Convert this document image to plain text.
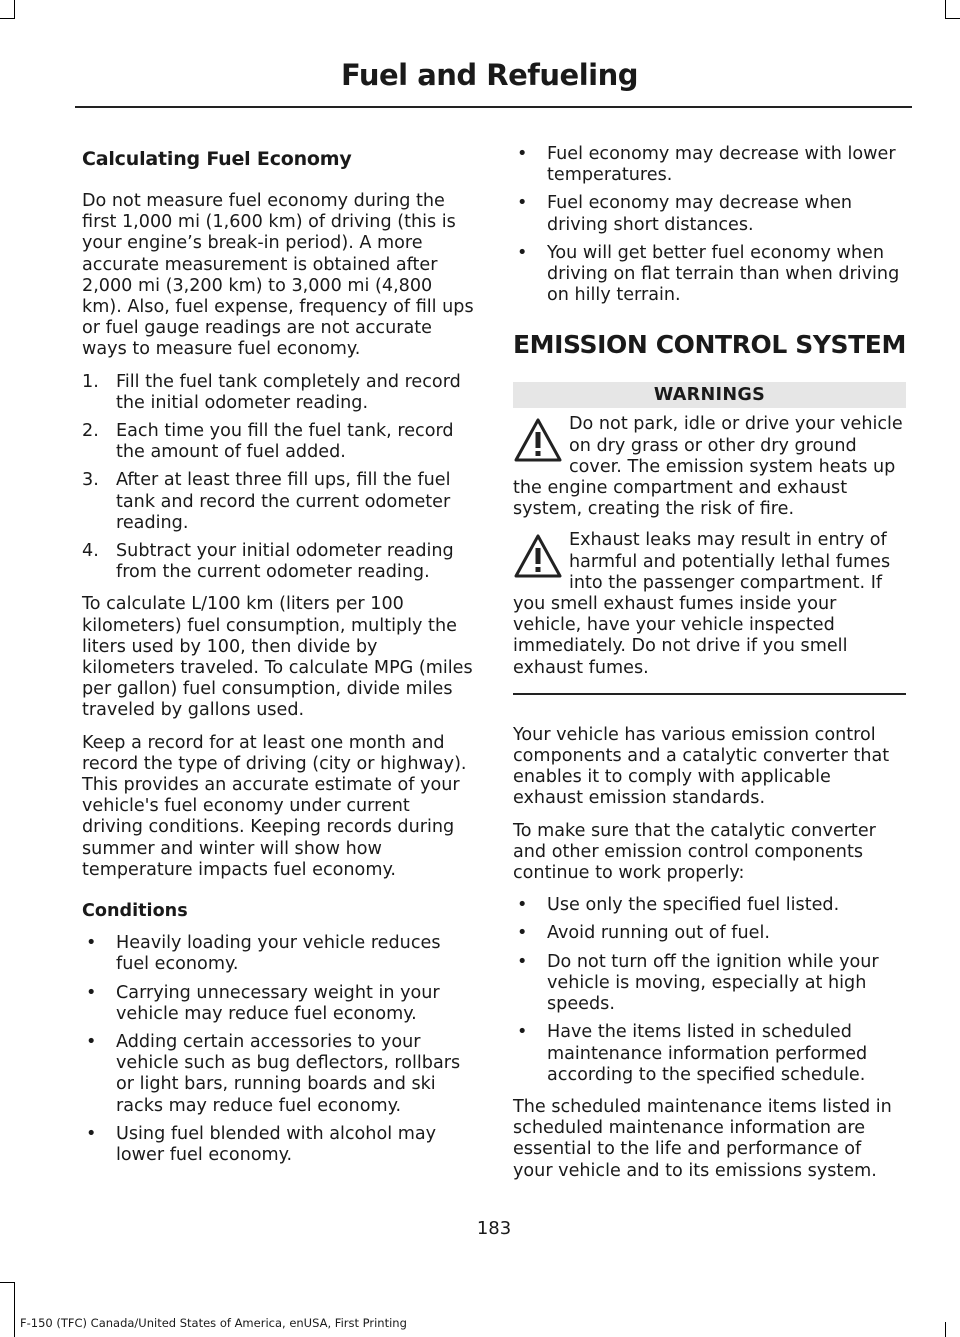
Fuel and Refueling
Calculating Fuel Economy

Do not measure fuel economy during the first 1,000 mi (1,600 km) of driving (this is your engine’s break-in period). A more accurate measurement is obtained after 2,000 mi (3,200 km) to 3,000 mi (4,800 km). Also, fuel expense, frequency of fill ups or fuel gauge readings are not accurate ways to measure fuel economy.

1. Fill the fuel tank completely and record the initial odometer reading.
2. Each time you fill the fuel tank, record the amount of fuel added.
3. After at least three fill ups, fill the fuel tank and record the current odometer reading.
4. Subtract your initial odometer reading from the current odometer reading.

To calculate L/100 km (liters per 100 kilometers) fuel consumption, multiply the liters used by 100, then divide by kilometers traveled. To calculate MPG (miles per gallon) fuel consumption, divide miles traveled by gallons used.

Keep a record for at least one month and record the type of driving (city or highway). This provides an accurate estimate of your vehicle's fuel economy under current driving conditions. Keeping records during summer and winter will show how temperature impacts fuel economy.

Conditions
• Heavily loading your vehicle reduces fuel economy.
• Carrying unnecessary weight in your vehicle may reduce fuel economy.
• Adding certain accessories to your vehicle such as bug deflectors, rollbars or light bars, running boards and ski racks may reduce fuel economy.
• Using fuel blended with alcohol may lower fuel economy.
• Fuel economy may decrease with lower temperatures.
• Fuel economy may decrease when driving short distances.
• You will get better fuel economy when driving on flat terrain than when driving on hilly terrain.
EMISSION CONTROL SYSTEM
WARNINGS

Do not park, idle or drive your vehicle on dry grass or other dry ground cover. The emission system heats up the engine compartment and exhaust system, creating the risk of fire.

Exhaust leaks may result in entry of harmful and potentially lethal fumes into the passenger compartment. If you smell exhaust fumes inside your vehicle, have your vehicle inspected immediately. Do not drive if you smell exhaust fumes.

Your vehicle has various emission control components and a catalytic converter that enables it to comply with applicable exhaust emission standards.

To make sure that the catalytic converter and other emission control components continue to work properly:

• Use only the specified fuel listed.
• Avoid running out of fuel.
• Do not turn off the ignition while your vehicle is moving, especially at high speeds.
• Have the items listed in scheduled maintenance information performed according to the specified schedule.

The scheduled maintenance items listed in scheduled maintenance information are essential to the life and performance of your vehicle and to its emissions system.

183
F-150 (TFC) Canada/United States of America, enUSA, First Printing
